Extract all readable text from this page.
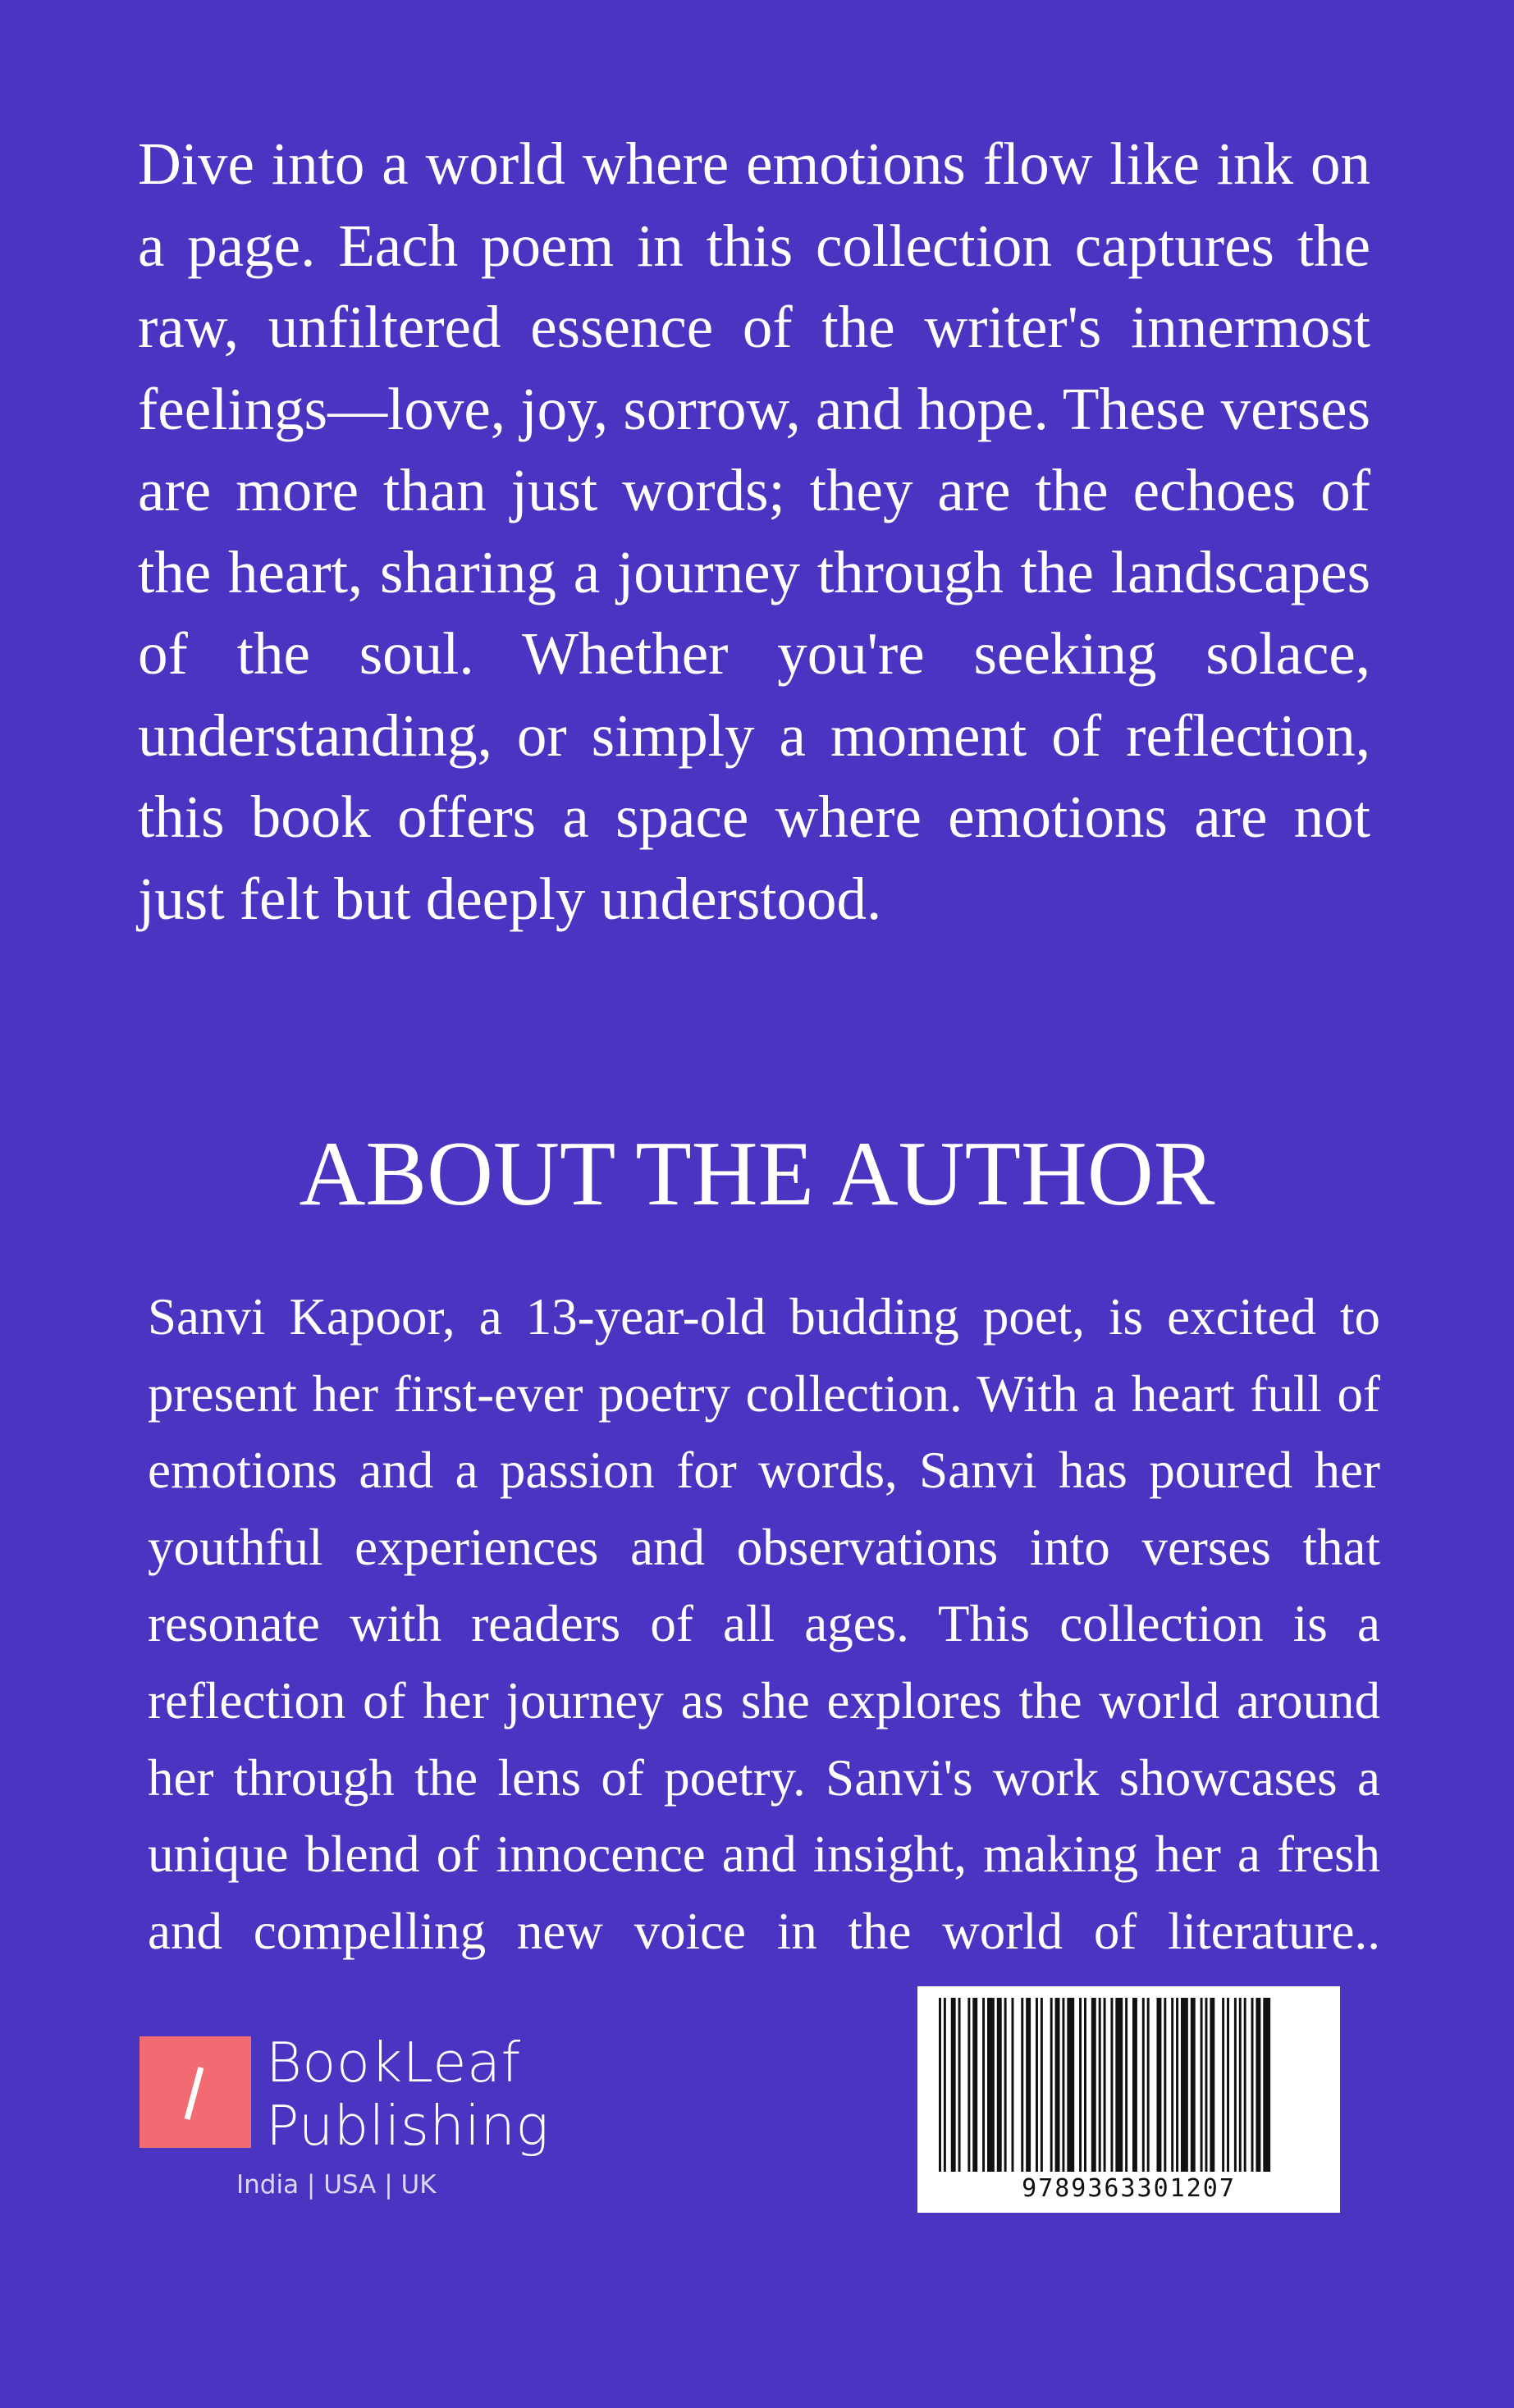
Dive into a world where emotions flow like ink on a page. Each poem in this collection captures the raw, unfiltered essence of the writer's innermost feelings—love, joy, sorrow, and hope. These verses are more than just words; they are the echoes of the heart, sharing a journey through the landscapes of the soul. Whether you're seeking solace, understanding, or simply a moment of reflection, this book offers a space where emotions are not just felt but deeply understood.

ABOUT THE AUTHOR

Sanvi Kapoor, a 13-year-old budding poet, is excited to present her first-ever poetry collection. With a heart full of emotions and a passion for words, Sanvi has poured her youthful experiences and observations into verses that resonate with readers of all ages. This collection is a reflection of her journey as she explores the world around her through the lens of poetry. Sanvi's work showcases a unique blend of innocence and insight, making her a fresh and compelling new voice in the world of literature..

BookLeaf
Publishing
India | USA | UK	9789363301207
